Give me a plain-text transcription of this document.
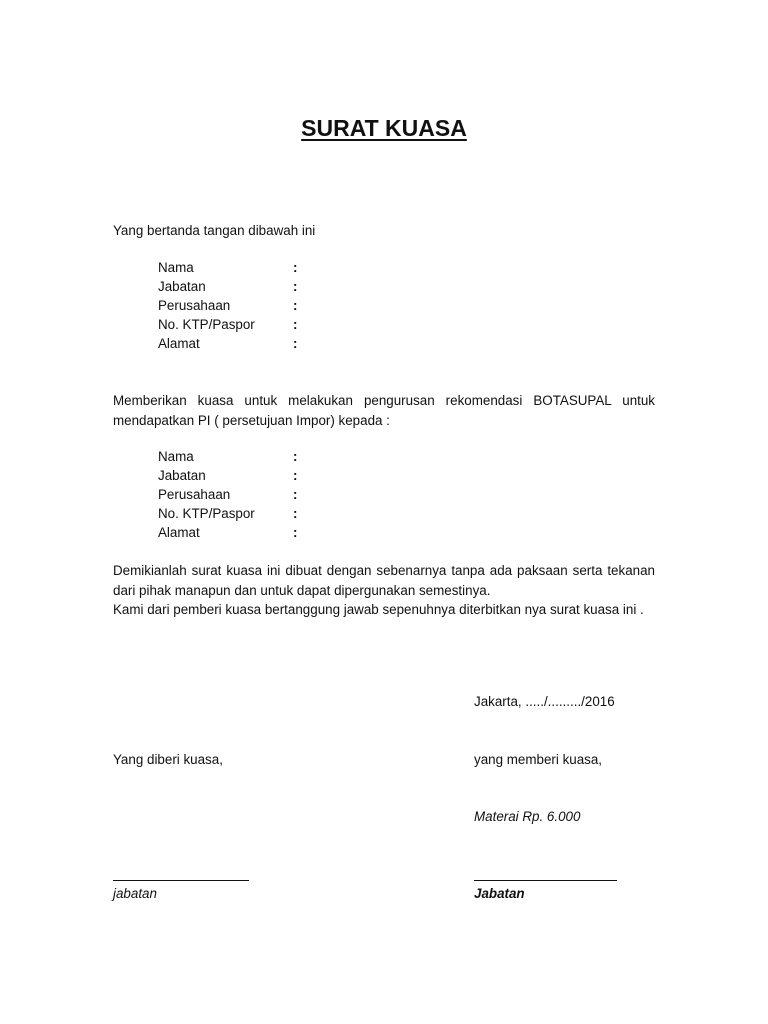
SURAT KUASA
Yang bertanda tangan dibawah ini
Nama	:
Jabatan	:
Perusahaan	:
No. KTP/Paspor	:
Alamat	:
Memberikan kuasa untuk melakukan pengurusan rekomendasi BOTASUPAL untuk mendapatkan PI ( persetujuan Impor) kepada :
Nama	:
Jabatan	:
Perusahaan	:
No. KTP/Paspor	:
Alamat	:
Demikianlah surat kuasa ini dibuat dengan sebenarnya tanpa ada paksaan serta tekanan dari pihak manapun dan untuk dapat dipergunakan semestinya.
Kami dari pemberi kuasa bertanggung jawab sepenuhnya diterbitkan nya surat kuasa ini .
Jakarta, ...../........./2016
Yang diberi kuasa,	yang memberi kuasa,
Materai Rp. 6.000
jabatan	Jabatan
